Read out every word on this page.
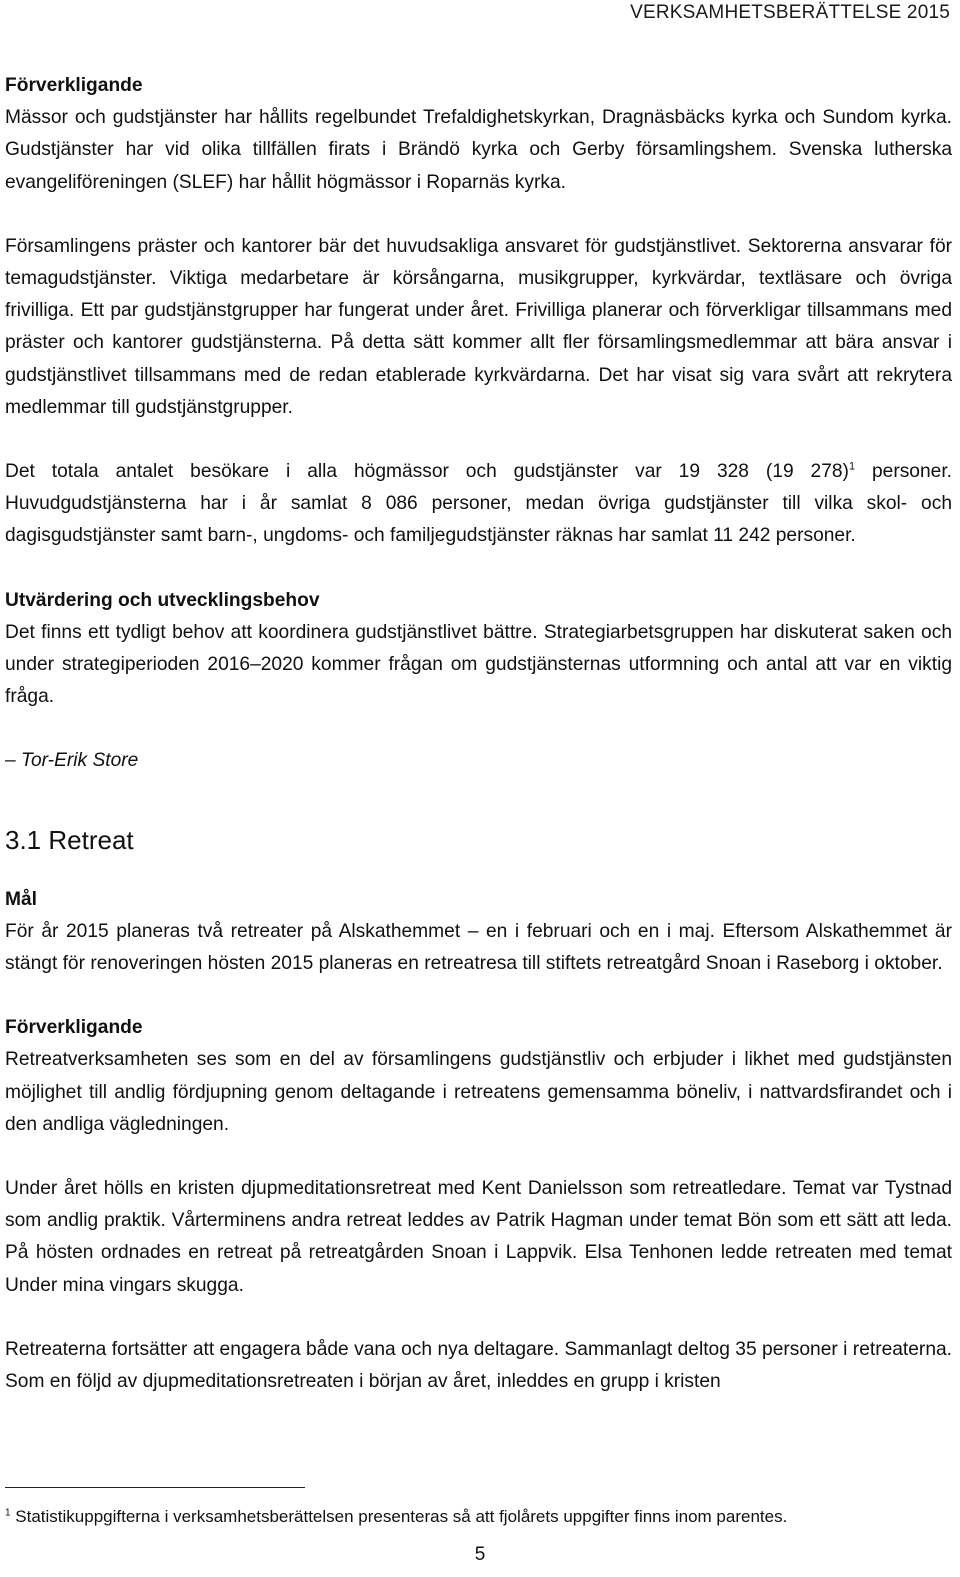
VERKSAMHETSBERÄTTELSE 2015
Förverkligande

Mässor och gudstjänster har hållits regelbundet Trefaldighetskyrkan, Dragnäsbäcks kyrka och Sundom kyrka. Gudstjänster har vid olika tillfällen firats i Brändö kyrka och Gerby församlingshem. Svenska lutherska evangeliföreningen (SLEF) har hållit högmässor i Roparnäs kyrka.

Församlingens präster och kantorer bär det huvudsakliga ansvaret för gudstjänstlivet. Sektorerna ansvarar för temagudstjänster. Viktiga medarbetare är körsångarna, musikgrupper, kyrkvärdar, textläsare och övriga frivilliga. Ett par gudstjänstgrupper har fungerat under året. Frivilliga planerar och förverkligar tillsammans med präster och kantorer gudstjänsterna. På detta sätt kommer allt fler församlingsmedlemmar att bära ansvar i gudstjänstlivet tillsammans med de redan etablerade kyrkvärdarna. Det har visat sig vara svårt att rekrytera medlemmar till gudstjänstgrupper.

Det totala antalet besökare i alla högmässor och gudstjänster var 19 328 (19 278)$^1$ personer. Huvudgudstjänsterna har i år samlat 8 086 personer, medan övriga gudstjänster till vilka skol- och dagisgudstjänster samt barn-, ungdoms- och familjegudstjänster räknas har samlat 11 242 personer.

Utvärdering och utvecklingsbehov

Det finns ett tydligt behov att koordinera gudstjänstlivet bättre. Strategiarbetsgruppen har diskuterat saken och under strategiperioden 2016–2020 kommer frågan om gudstjänsternas utformning och antal att var en viktig fråga.

– Tor-Erik Store
3.1 Retreat
Mål

För år 2015 planeras två retreater på Alskathemmet – en i februari och en i maj. Eftersom Alskathemmet är stängt för renoveringen hösten 2015 planeras en retreatresa till stiftets retreatgård Snoan i Raseborg i oktober.

Förverkligande

Retreatverksamheten ses som en del av församlingens gudstjänstliv och erbjuder i likhet med gudstjänsten möjlighet till andlig fördjupning genom deltagande i retreatens gemensamma böneliv, i nattvardsfirandet och i den andliga vägledningen.

Under året hölls en kristen djupmeditationsretreat med Kent Danielsson som retreatledare. Temat var Tystnad som andlig praktik. Vårterminens andra retreat leddes av Patrik Hagman under temat Bön som ett sätt att leda. På hösten ordnades en retreat på retreatgården Snoan i Lappvik. Elsa Tenhonen ledde retreaten med temat Under mina vingars skugga.

Retreaterna fortsätter att engagera både vana och nya deltagare. Sammanlagt deltog 35 personer i retreaterna. Som en följd av djupmeditationsretreaten i början av året, inleddes en grupp i kristen

$^1$ Statistikuppgifterna i verksamhetsberättelsen presenteras så att fjolårets uppgifter finns inom parentes.
5
